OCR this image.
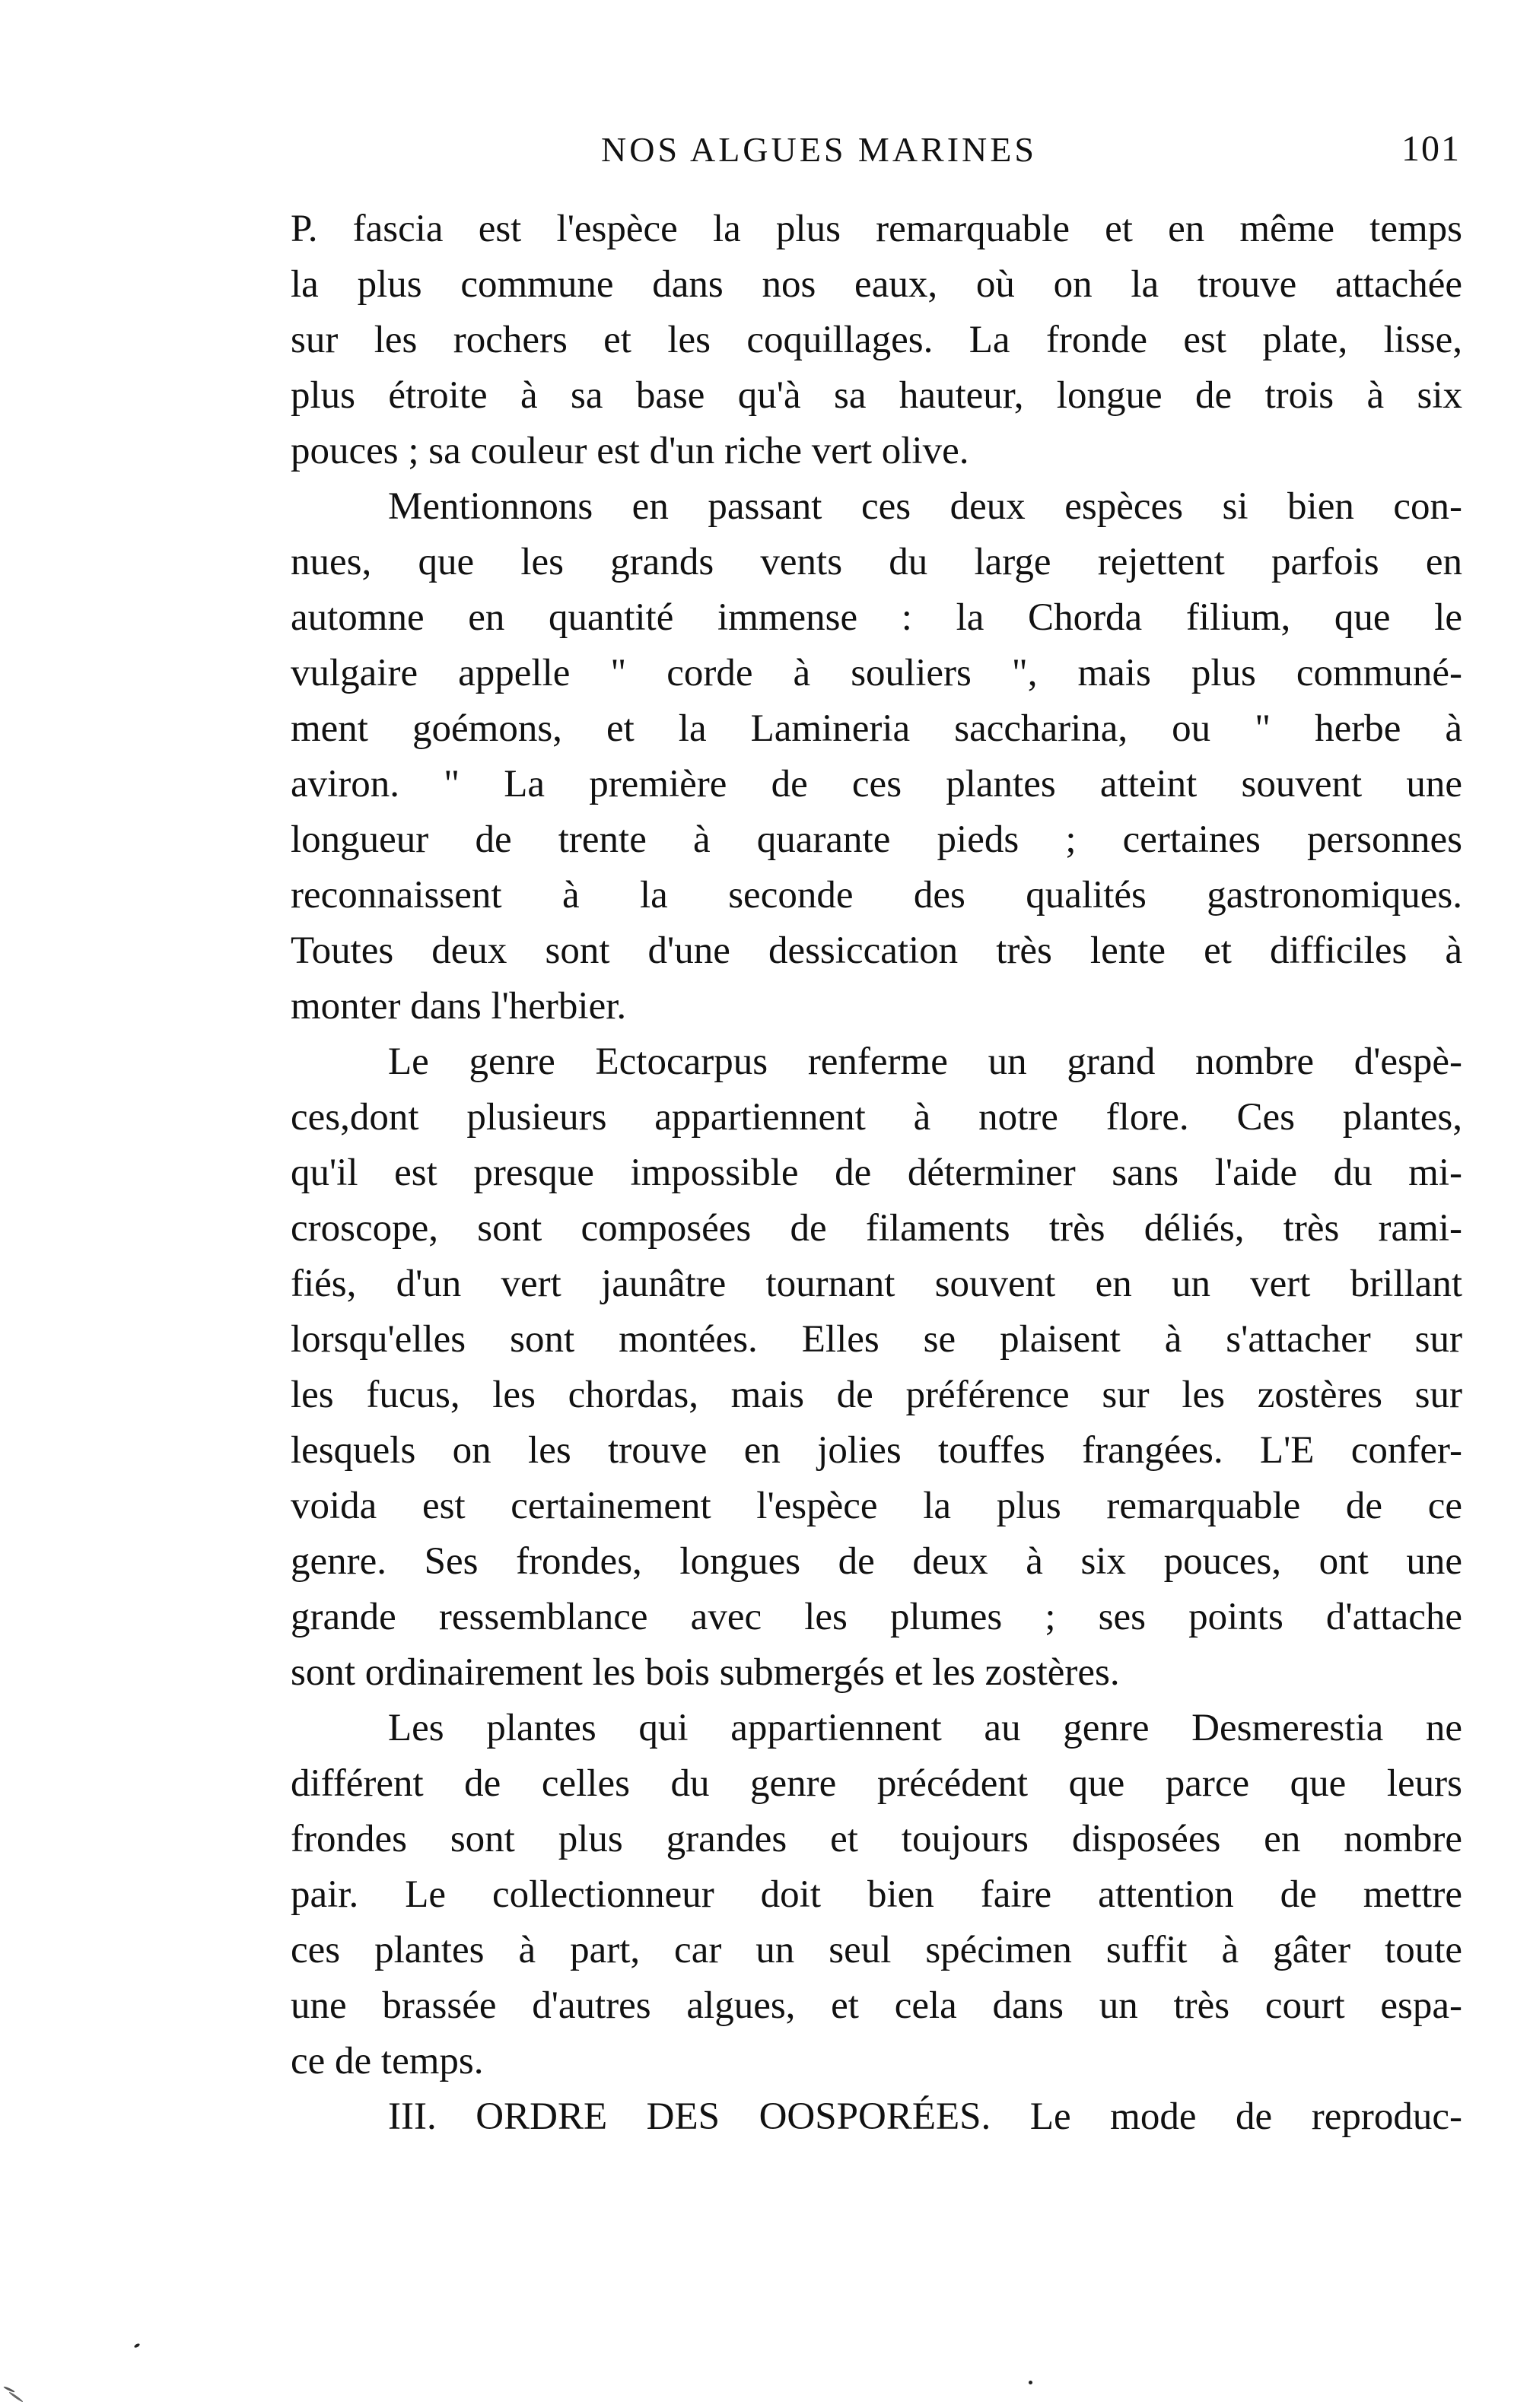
NOS ALGUES MARINES	101
P. fascia est l'espèce la plus remarquable et en même temps
la plus commune dans nos eaux, où on la trouve attachée
sur les rochers et les coquillages. La fronde est plate, lisse,
plus étroite à sa base qu'à sa hauteur, longue de trois à six
pouces ; sa couleur est d'un riche vert olive.
Mentionnons en passant ces deux espèces si bien con-
nues, que les grands vents du large rejettent parfois en
automne en quantité immense : la Chorda filium, que le
vulgaire appelle " corde à souliers ", mais plus communé-
ment goémons, et la Lamineria saccharina, ou " herbe à
aviron. " La première de ces plantes atteint souvent une
longueur de trente à quarante pieds ; certaines personnes
reconnaissent à la seconde des qualités gastronomiques.
Toutes deux sont d'une dessiccation très lente et difficiles à
monter dans l'herbier.
Le genre Ectocarpus renferme un grand nombre d'espè-
ces,dont plusieurs appartiennent à notre flore. Ces plantes,
qu'il est presque impossible de déterminer sans l'aide du mi-
croscope, sont composées de filaments très déliés, très rami-
fiés, d'un vert jaunâtre tournant souvent en un vert brillant
lorsqu'elles sont montées. Elles se plaisent à s'attacher sur
les fucus, les chordas, mais de préférence sur les zostères sur
lesquels on les trouve en jolies touffes frangées. L'E confer-
voida est certainement l'espèce la plus remarquable de ce
genre. Ses frondes, longues de deux à six pouces, ont une
grande ressemblance avec les plumes ; ses points d'attache
sont ordinairement les bois submergés et les zostères.
Les plantes qui appartiennent au genre Desmerestia ne
différent de celles du genre précédent que parce que leurs
frondes sont plus grandes et toujours disposées en nombre
pair. Le collectionneur doit bien faire attention de mettre
ces plantes à part, car un seul spécimen suffit à gâter toute
une brassée d'autres algues, et cela dans un très court espa-
ce de temps.
III. ORDRE DES OOSPORÉES. Le mode de reproduc-
